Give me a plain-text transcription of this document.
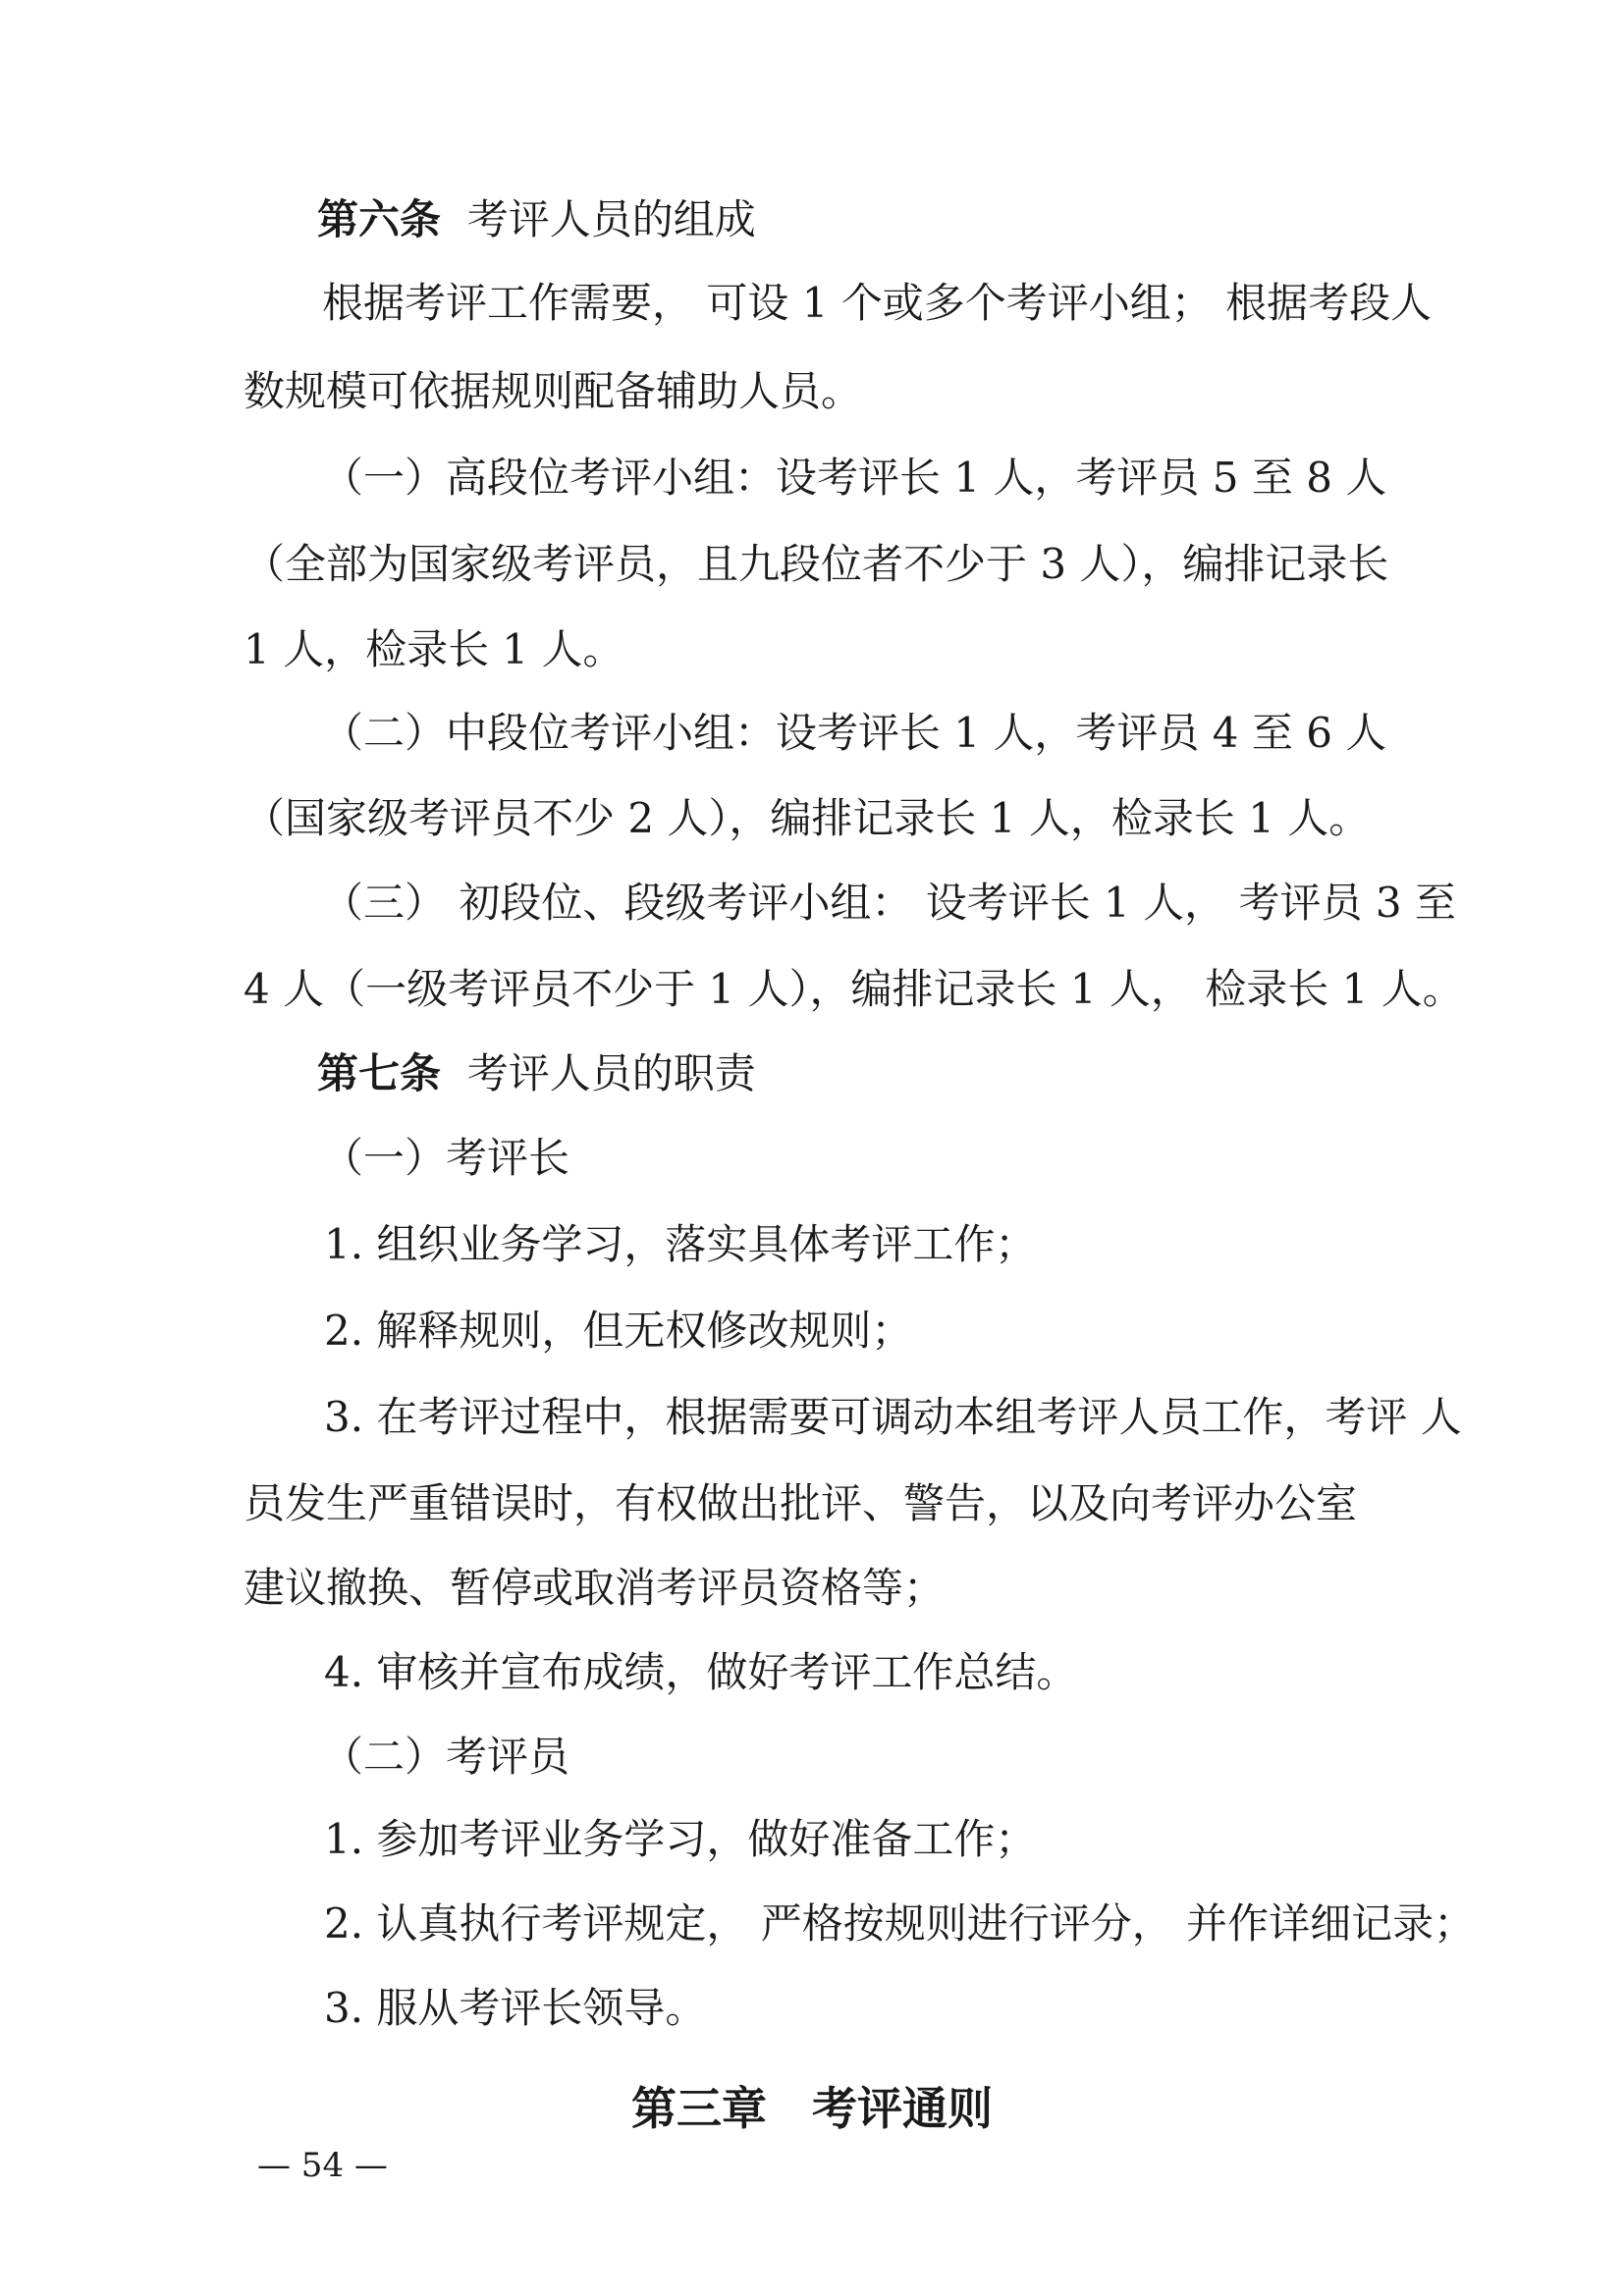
第六条 考评人员的组成
根据考评工作需要， 可设 1 个或多个考评小组； 根据考段人
数规模可依据规则配备辅助人员。
（一）高段位考评小组：设考评长 1 人，考评员 5 至 8 人
（全部为国家级考评员，且九段位者不少于 3 人），编排记录长
1 人，检录长 1 人。
（二）中段位考评小组：设考评长 1 人，考评员 4 至 6 人
（国家级考评员不少 2 人），编排记录长 1 人，检录长 1 人。
（三） 初段位、段级考评小组： 设考评长 1 人， 考评员 3 至
4 人（一级考评员不少于 1 人），编排记录长 1 人， 检录长 1 人。
第七条 考评人员的职责
（一）考评长
1. 组织业务学习，落实具体考评工作；
2. 解释规则，但无权修改规则；
3. 在考评过程中，根据需要可调动本组考评人员工作，考评 人
员发生严重错误时，有权做出批评、警告，以及向考评办公室
建议撤换、暂停或取消考评员资格等；
4. 审核并宣布成绩，做好考评工作总结。
（二）考评员
1. 参加考评业务学习，做好准备工作；
2. 认真执行考评规定， 严格按规则进行评分， 并作详细记录；
3. 服从考评长领导。
第三章　考评通则
— 54 —
